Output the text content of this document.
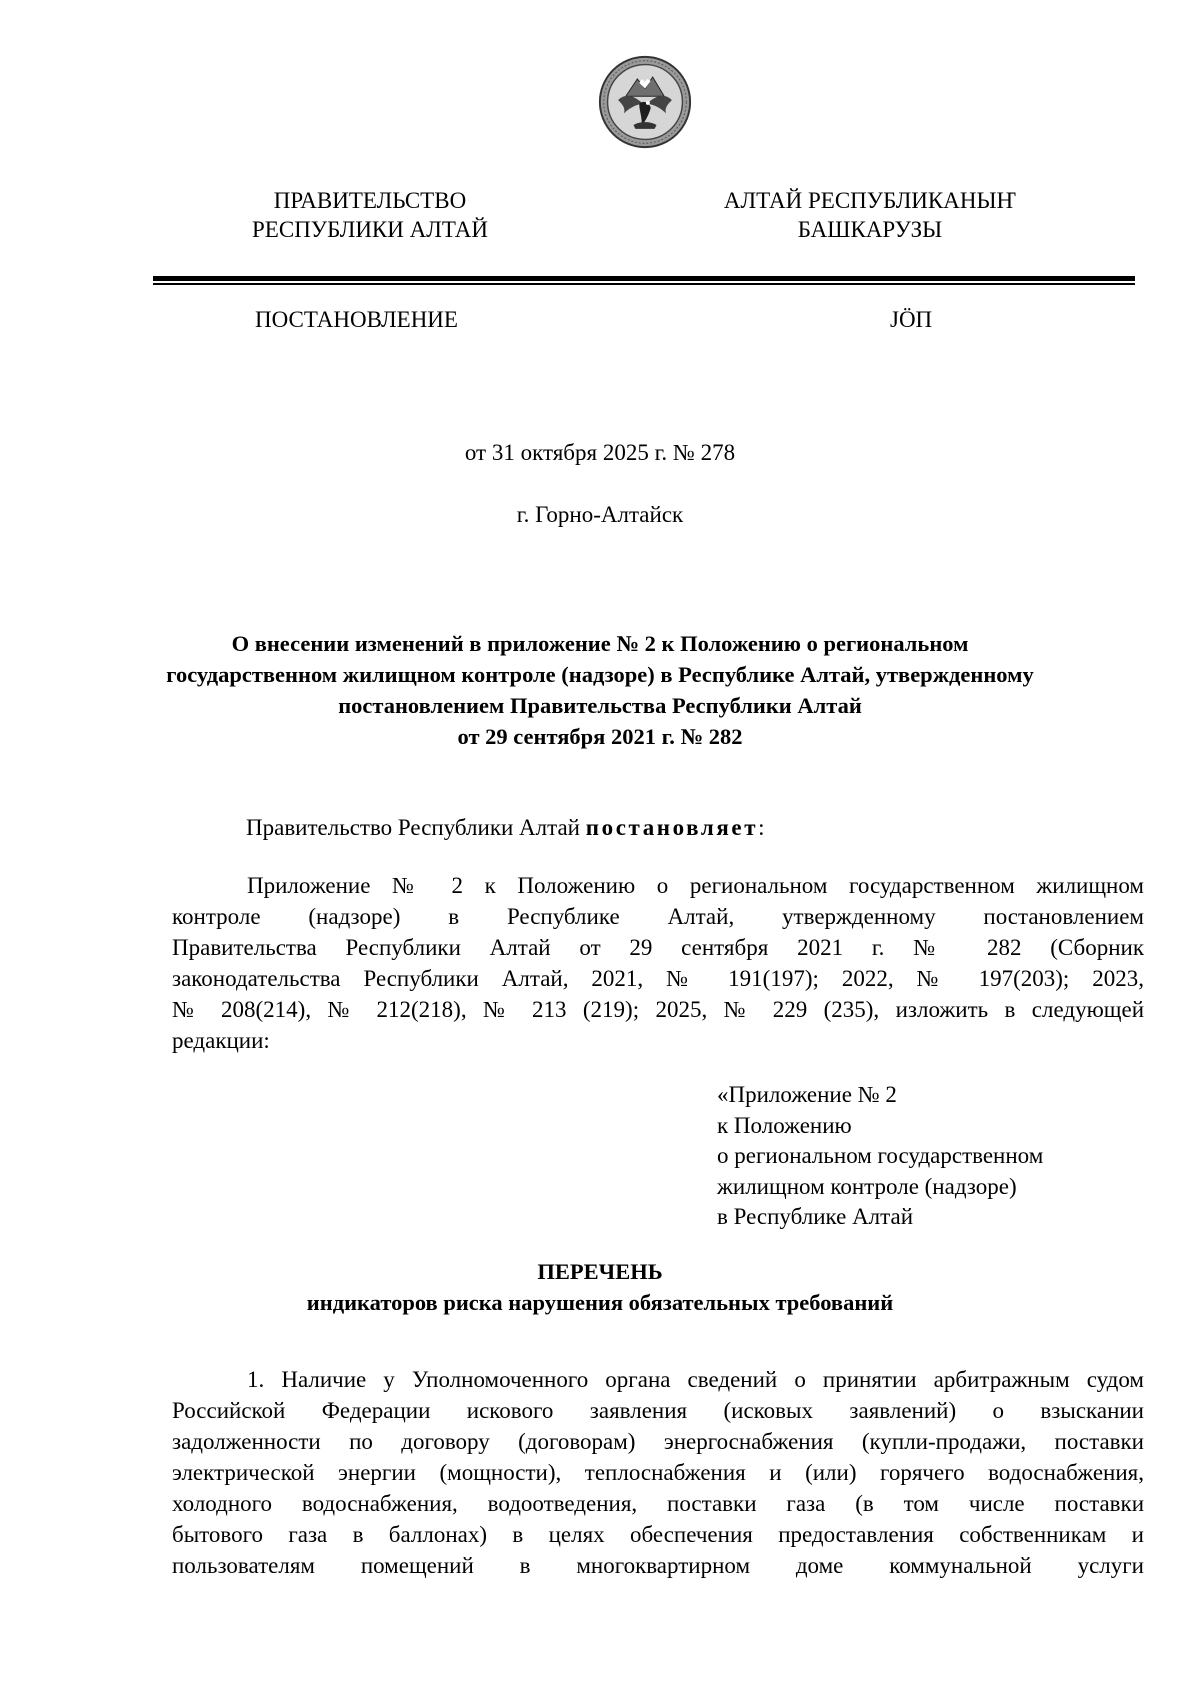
ПРАВИТЕЛЬСТВО
РЕСПУБЛИКИ АЛТАЙ
АЛТАЙ РЕСПУБЛИКАНЫҤ
БАШКАРУЗЫ
ПОСТАНОВЛЕНИЕ	JӦП
от 31 октября 2025 г. № 278
г. Горно-Алтайск
О внесении изменений в приложение № 2 к Положению о региональном
государственном жилищном контроле (надзоре) в Республике Алтай, утвержденному
постановлением Правительства Республики Алтай
от 29 сентября 2021 г. № 282
Правительство Республики Алтай постановляет:
Приложение № 2 к Положению о региональном государственном жилищном
контроле (надзоре) в Республике Алтай, утвержденному постановлением
Правительства Республики Алтай от 29 сентября 2021 г. № 282 (Сборник
законодательства Республики Алтай, 2021, № 191(197); 2022, № 197(203); 2023,
№ 208(214), № 212(218), № 213 (219); 2025, № 229 (235), изложить в следующей
редакции:
«Приложение № 2
к Положению
о региональном государственном
жилищном контроле (надзоре)
в Республике Алтай
ПЕРЕЧЕНЬ
индикаторов риска нарушения обязательных требований
1. Наличие у Уполномоченного органа сведений о принятии арбитражным судом
Российской Федерации искового заявления (исковых заявлений) о взыскании
задолженности по договору (договорам) энергоснабжения (купли-продажи, поставки
электрической энергии (мощности), теплоснабжения и (или) горячего водоснабжения,
холодного водоснабжения, водоотведения, поставки газа (в том числе поставки
бытового газа в баллонах) в целях обеспечения предоставления собственникам и
пользователям помещений в многоквартирном доме коммунальной услуги
